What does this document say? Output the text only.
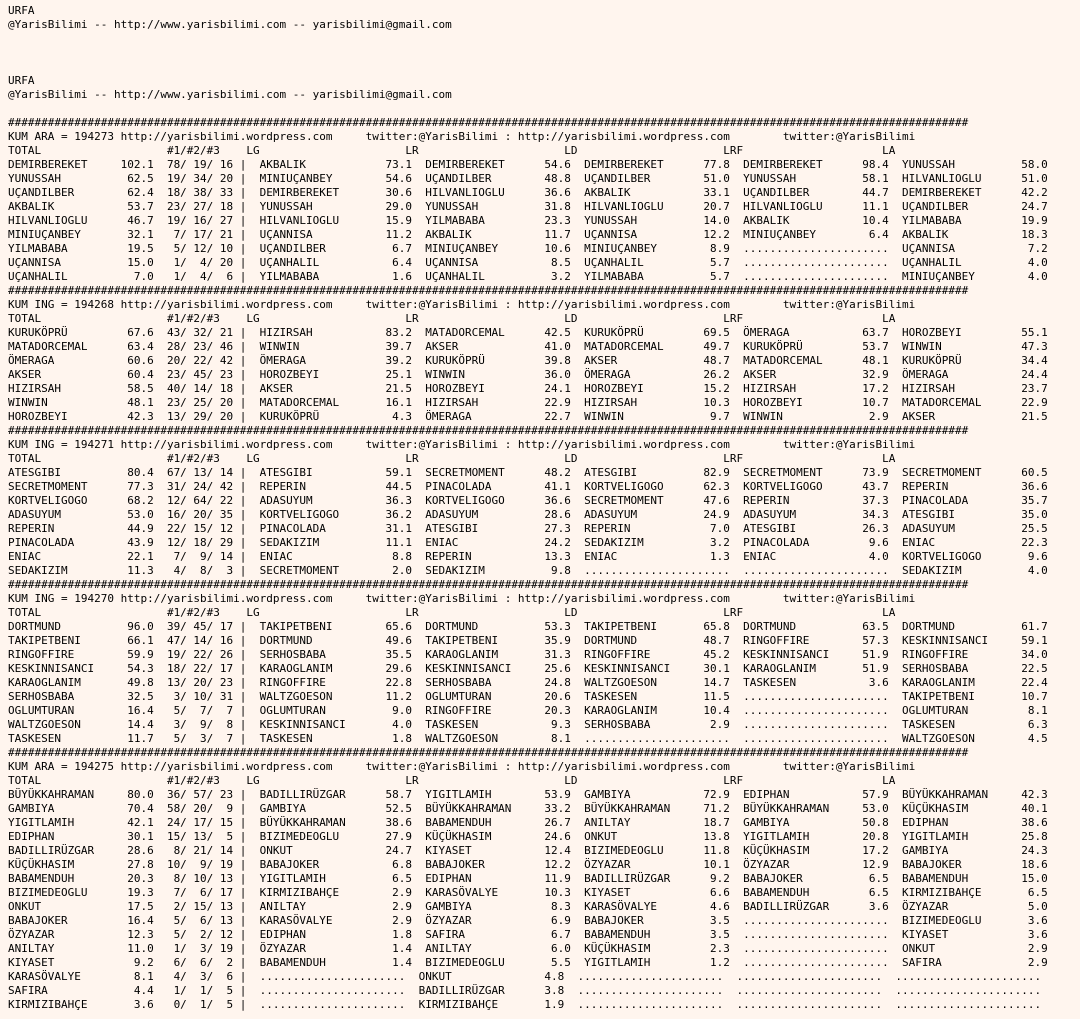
URFA
@YarisBilimi -- http://www.yarisbilimi.com -- yarisbilimi@gmail.com
URFA
@YarisBilimi -- http://www.yarisbilimi.com -- yarisbilimi@gmail.com
#################################################################################################################################################
KUM ARA = 194273 http://yarisbilimi.wordpress.com     twitter:@YarisBilimi : http://yarisbilimi.wordpress.com        twitter:@YarisBilimi
TOTAL                   #1/#2/#3    LG                      LR                      LD                      LRF                     LA
DEMIRBEREKET     102.1  78/ 19/ 16 |  AKBALIK            73.1  DEMIRBEREKET      54.6  DEMIRBEREKET      77.8  DEMIRBEREKET      98.4  YUNUSSAH          58.0
YUNUSSAH          62.5  19/ 34/ 20 |  MINIUÇANBEY        54.6  UÇANDILBER        48.8  UÇANDILBER        51.0  YUNUSSAH          58.1  HILVANLIOGLU      51.0
UÇANDILBER        62.4  18/ 38/ 33 |  DEMIRBEREKET       30.6  HILVANLIOGLU      36.6  AKBALIK           33.1  UÇANDILBER        44.7  DEMIRBEREKET      42.2
AKBALIK           53.7  23/ 27/ 18 |  YUNUSSAH           29.0  YUNUSSAH          31.8  HILVANLIOGLU      20.7  HILVANLIOGLU      11.1  UÇANDILBER        24.7
HILVANLIOGLU      46.7  19/ 16/ 27 |  HILVANLIOGLU       15.9  YILMABABA         23.3  YUNUSSAH          14.0  AKBALIK           10.4  YILMABABA         19.9
MINIUÇANBEY       32.1   7/ 17/ 21 |  UÇANNISA           11.2  AKBALIK           11.7  UÇANNISA          12.2  MINIUÇANBEY        6.4  AKBALIK           18.3
YILMABABA         19.5   5/ 12/ 10 |  UÇANDILBER          6.7  MINIUÇANBEY       10.6  MINIUÇANBEY        8.9  ......................  UÇANNISA           7.2
UÇANNISA          15.0   1/  4/ 20 |  UÇANHALIL           6.4  UÇANNISA           8.5  UÇANHALIL          5.7  ......................  UÇANHALIL          4.0
UÇANHALIL          7.0   1/  4/  6 |  YILMABABA           1.6  UÇANHALIL          3.2  YILMABABA          5.7  ......................  MINIUÇANBEY        4.0
#################################################################################################################################################
KUM ING = 194268 http://yarisbilimi.wordpress.com     twitter:@YarisBilimi : http://yarisbilimi.wordpress.com        twitter:@YarisBilimi
TOTAL                   #1/#2/#3    LG                      LR                      LD                      LRF                     LA
KURUKÖPRÜ         67.6  43/ 32/ 21 |  HIZIRSAH           83.2  MATADORCEMAL      42.5  KURUKÖPRÜ         69.5  ÖMERAGA           63.7  HOROZBEYI         55.1
MATADORCEMAL      63.4  28/ 23/ 46 |  WINWIN             39.7  AKSER             41.0  MATADORCEMAL      49.7  KURUKÖPRÜ         53.7  WINWIN            47.3
ÖMERAGA           60.6  20/ 22/ 42 |  ÖMERAGA            39.2  KURUKÖPRÜ         39.8  AKSER             48.7  MATADORCEMAL      48.1  KURUKÖPRÜ         34.4
AKSER             60.4  23/ 45/ 23 |  HOROZBEYI          25.1  WINWIN            36.0  ÖMERAGA           26.2  AKSER             32.9  ÖMERAGA           24.4
HIZIRSAH          58.5  40/ 14/ 18 |  AKSER              21.5  HOROZBEYI         24.1  HOROZBEYI         15.2  HIZIRSAH          17.2  HIZIRSAH          23.7
WINWIN            48.1  23/ 25/ 20 |  MATADORCEMAL       16.1  HIZIRSAH          22.9  HIZIRSAH          10.3  HOROZBEYI         10.7  MATADORCEMAL      22.9
HOROZBEYI         42.3  13/ 29/ 20 |  KURUKÖPRÜ           4.3  ÖMERAGA           22.7  WINWIN             9.7  WINWIN             2.9  AKSER             21.5
#################################################################################################################################################
KUM ING = 194271 http://yarisbilimi.wordpress.com     twitter:@YarisBilimi : http://yarisbilimi.wordpress.com        twitter:@YarisBilimi
TOTAL                   #1/#2/#3    LG                      LR                      LD                      LRF                     LA
ATESGIBI          80.4  67/ 13/ 14 |  ATESGIBI           59.1  SECRETMOMENT      48.2  ATESGIBI          82.9  SECRETMOMENT      73.9  SECRETMOMENT      60.5
SECRETMOMENT      77.3  31/ 24/ 42 |  REPERIN            44.5  PINACOLADA        41.1  KORTVELIGOGO      62.3  KORTVELIGOGO      43.7  REPERIN           36.6
KORTVELIGOGO      68.2  12/ 64/ 22 |  ADASUYUM           36.3  KORTVELIGOGO      36.6  SECRETMOMENT      47.6  REPERIN           37.3  PINACOLADA        35.7
ADASUYUM          53.0  16/ 20/ 35 |  KORTVELIGOGO       36.2  ADASUYUM          28.6  ADASUYUM          24.9  ADASUYUM          34.3  ATESGIBI          35.0
REPERIN           44.9  22/ 15/ 12 |  PINACOLADA         31.1  ATESGIBI          27.3  REPERIN            7.0  ATESGIBI          26.3  ADASUYUM          25.5
PINACOLADA        43.9  12/ 18/ 29 |  SEDAKIZIM          11.1  ENIAC             24.2  SEDAKIZIM          3.2  PINACOLADA         9.6  ENIAC             22.3
ENIAC             22.1   7/  9/ 14 |  ENIAC               8.8  REPERIN           13.3  ENIAC              1.3  ENIAC              4.0  KORTVELIGOGO       9.6
SEDAKIZIM         11.3   4/  8/  3 |  SECRETMOMENT        2.0  SEDAKIZIM          9.8  ......................  ......................  SEDAKIZIM          4.0
#################################################################################################################################################
KUM ING = 194270 http://yarisbilimi.wordpress.com     twitter:@YarisBilimi : http://yarisbilimi.wordpress.com        twitter:@YarisBilimi
TOTAL                   #1/#2/#3    LG                      LR                      LD                      LRF                     LA
DORTMUND          96.0  39/ 45/ 17 |  TAKIPETBENI        65.6  DORTMUND          53.3  TAKIPETBENI       65.8  DORTMUND          63.5  DORTMUND          61.7
TAKIPETBENI       66.1  47/ 14/ 16 |  DORTMUND           49.6  TAKIPETBENI       35.9  DORTMUND          48.7  RINGOFFIRE        57.3  KESKINNISANCI     59.1
RINGOFFIRE        59.9  19/ 22/ 26 |  SERHOSBABA         35.5  KARAOGLANIM       31.3  RINGOFFIRE        45.2  KESKINNISANCI     51.9  RINGOFFIRE        34.0
KESKINNISANCI     54.3  18/ 22/ 17 |  KARAOGLANIM        29.6  KESKINNISANCI     25.6  KESKINNISANCI     30.1  KARAOGLANIM       51.9  SERHOSBABA        22.5
KARAOGLANIM       49.8  13/ 20/ 23 |  RINGOFFIRE         22.8  SERHOSBABA        24.8  WALTZGOESON       14.7  TASKESEN           3.6  KARAOGLANIM       22.4
SERHOSBABA        32.5   3/ 10/ 31 |  WALTZGOESON        11.2  OGLUMTURAN        20.6  TASKESEN          11.5  ......................  TAKIPETBENI       10.7
OGLUMTURAN        16.4   5/  7/  7 |  OGLUMTURAN          9.0  RINGOFFIRE        20.3  KARAOGLANIM       10.4  ......................  OGLUMTURAN         8.1
WALTZGOESON       14.4   3/  9/  8 |  KESKINNISANCI       4.0  TASKESEN           9.3  SERHOSBABA         2.9  ......................  TASKESEN           6.3
TASKESEN          11.7   5/  3/  7 |  TASKESEN            1.8  WALTZGOESON        8.1  ......................  ......................  WALTZGOESON        4.5
#################################################################################################################################################
KUM ARA = 194275 http://yarisbilimi.wordpress.com     twitter:@YarisBilimi : http://yarisbilimi.wordpress.com        twitter:@YarisBilimi
TOTAL                   #1/#2/#3    LG                      LR                      LD                      LRF                     LA
BÜYÜKKAHRAMAN     80.0  36/ 57/ 23 |  BADILLIRÜZGAR      58.7  YIGITLAMIH        53.9  GAMBIYA           72.9  EDIPHAN           57.9  BÜYÜKKAHRAMAN     42.3
GAMBIYA           70.4  58/ 20/  9 |  GAMBIYA            52.5  BÜYÜKKAHRAMAN     33.2  BÜYÜKKAHRAMAN     71.2  BÜYÜKKAHRAMAN     53.0  KÜÇÜKHASIM        40.1
YIGITLAMIH        42.1  24/ 17/ 15 |  BÜYÜKKAHRAMAN      38.6  BABAMENDUH        26.7  ANILTAY           18.7  GAMBIYA           50.8  EDIPHAN           38.6
EDIPHAN           30.1  15/ 13/  5 |  BIZIMEDEOGLU       27.9  KÜÇÜKHASIM        24.6  ONKUT             13.8  YIGITLAMIH        20.8  YIGITLAMIH        25.8
BADILLIRÜZGAR     28.6   8/ 21/ 14 |  ONKUT              24.7  KIYASET           12.4  BIZIMEDEOGLU      11.8  KÜÇÜKHASIM        17.2  GAMBIYA           24.3
KÜÇÜKHASIM        27.8  10/  9/ 19 |  BABAJOKER           6.8  BABAJOKER         12.2  ÖZYAZAR           10.1  ÖZYAZAR           12.9  BABAJOKER         18.6
BABAMENDUH        20.3   8/ 10/ 13 |  YIGITLAMIH          6.5  EDIPHAN           11.9  BADILLIRÜZGAR      9.2  BABAJOKER          6.5  BABAMENDUH        15.0
BIZIMEDEOGLU      19.3   7/  6/ 17 |  KIRMIZIBAHÇE        2.9  KARASÖVALYE       10.3  KIYASET            6.6  BABAMENDUH         6.5  KIRMIZIBAHÇE       6.5
ONKUT             17.5   2/ 15/ 13 |  ANILTAY             2.9  GAMBIYA            8.3  KARASÖVALYE        4.6  BADILLIRÜZGAR      3.6  ÖZYAZAR            5.0
BABAJOKER         16.4   5/  6/ 13 |  KARASÖVALYE         2.9  ÖZYAZAR            6.9  BABAJOKER          3.5  ......................  BIZIMEDEOGLU       3.6
ÖZYAZAR           12.3   5/  2/ 12 |  EDIPHAN             1.8  SAFIRA             6.7  BABAMENDUH         3.5  ......................  KIYASET            3.6
ANILTAY           11.0   1/  3/ 19 |  ÖZYAZAR             1.4  ANILTAY            6.0  KÜÇÜKHASIM         2.3  ......................  ONKUT              2.9
KIYASET            9.2   6/  6/  2 |  BABAMENDUH          1.4  BIZIMEDEOGLU       5.5  YIGITLAMIH         1.2  ......................  SAFIRA             2.9
KARASÖVALYE        8.1   4/  3/  6 |  ......................  ONKUT              4.8  ......................  ......................  ......................
SAFIRA             4.4   1/  1/  5 |  ......................  BADILLIRÜZGAR      3.8  ......................  ......................  ......................
KIRMIZIBAHÇE       3.6   0/  1/  5 |  ......................  KIRMIZIBAHÇE       1.9  ......................  ......................  ......................
